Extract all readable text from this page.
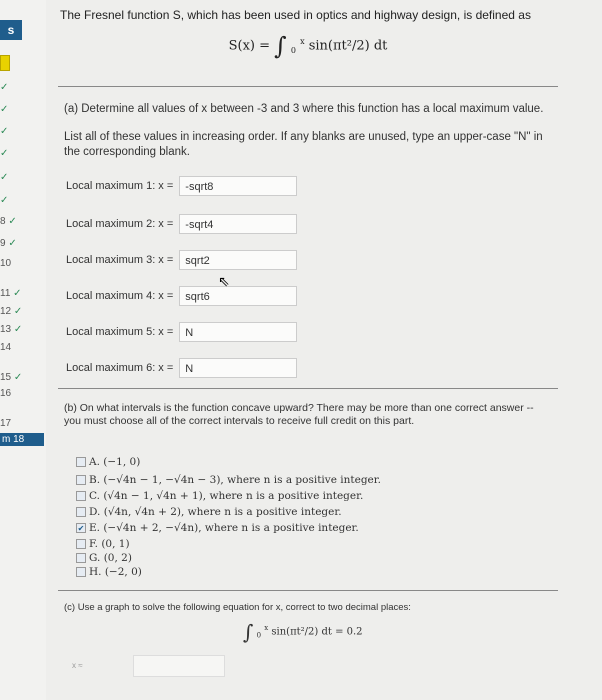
s
✓
✓
✓
✓
✓
✓
8 ✓
9 ✓
10
11 ✓
12 ✓
13 ✓
14
15 ✓
16
17
m 18
The Fresnel function S, which has been used in optics and highway design, is defined as
S(x) = ∫ $_0$ $^x$ sin(πt²/2) dt
(a) Determine all values of x between -3 and 3 where this function has a local maximum value.
List all of these values in increasing order. If any blanks are unused, type an upper-case "N" in the corresponding blank.
Local maximum 1: x =	-sqrt8
Local maximum 2: x =	-sqrt4
Local maximum 3: x =	sqrt2
Local maximum 4: x =	sqrt6
Local maximum 5: x =	N
Local maximum 6: x =	N
(b) On what intervals is the function concave upward? There may be more than one correct answer -- you must choose all of the correct intervals to receive full credit on this part.
A. (−1, 0)
B. (−√4n − 1, −√4n − 3), where n is a positive integer.
C. (√4n − 1, √4n + 1), where n is a positive integer.
D. (√4n, √4n + 2), where n is a positive integer.
✔ E. (−√4n + 2, −√4n), where n is a positive integer.
F. (0, 1)
G. (0, 2)
H. (−2, 0)
(c) Use a graph to solve the following equation for x, correct to two decimal places:
∫ $_0$ $^x$ sin(πt²/2) dt = 0.2
x ≈
⇖
